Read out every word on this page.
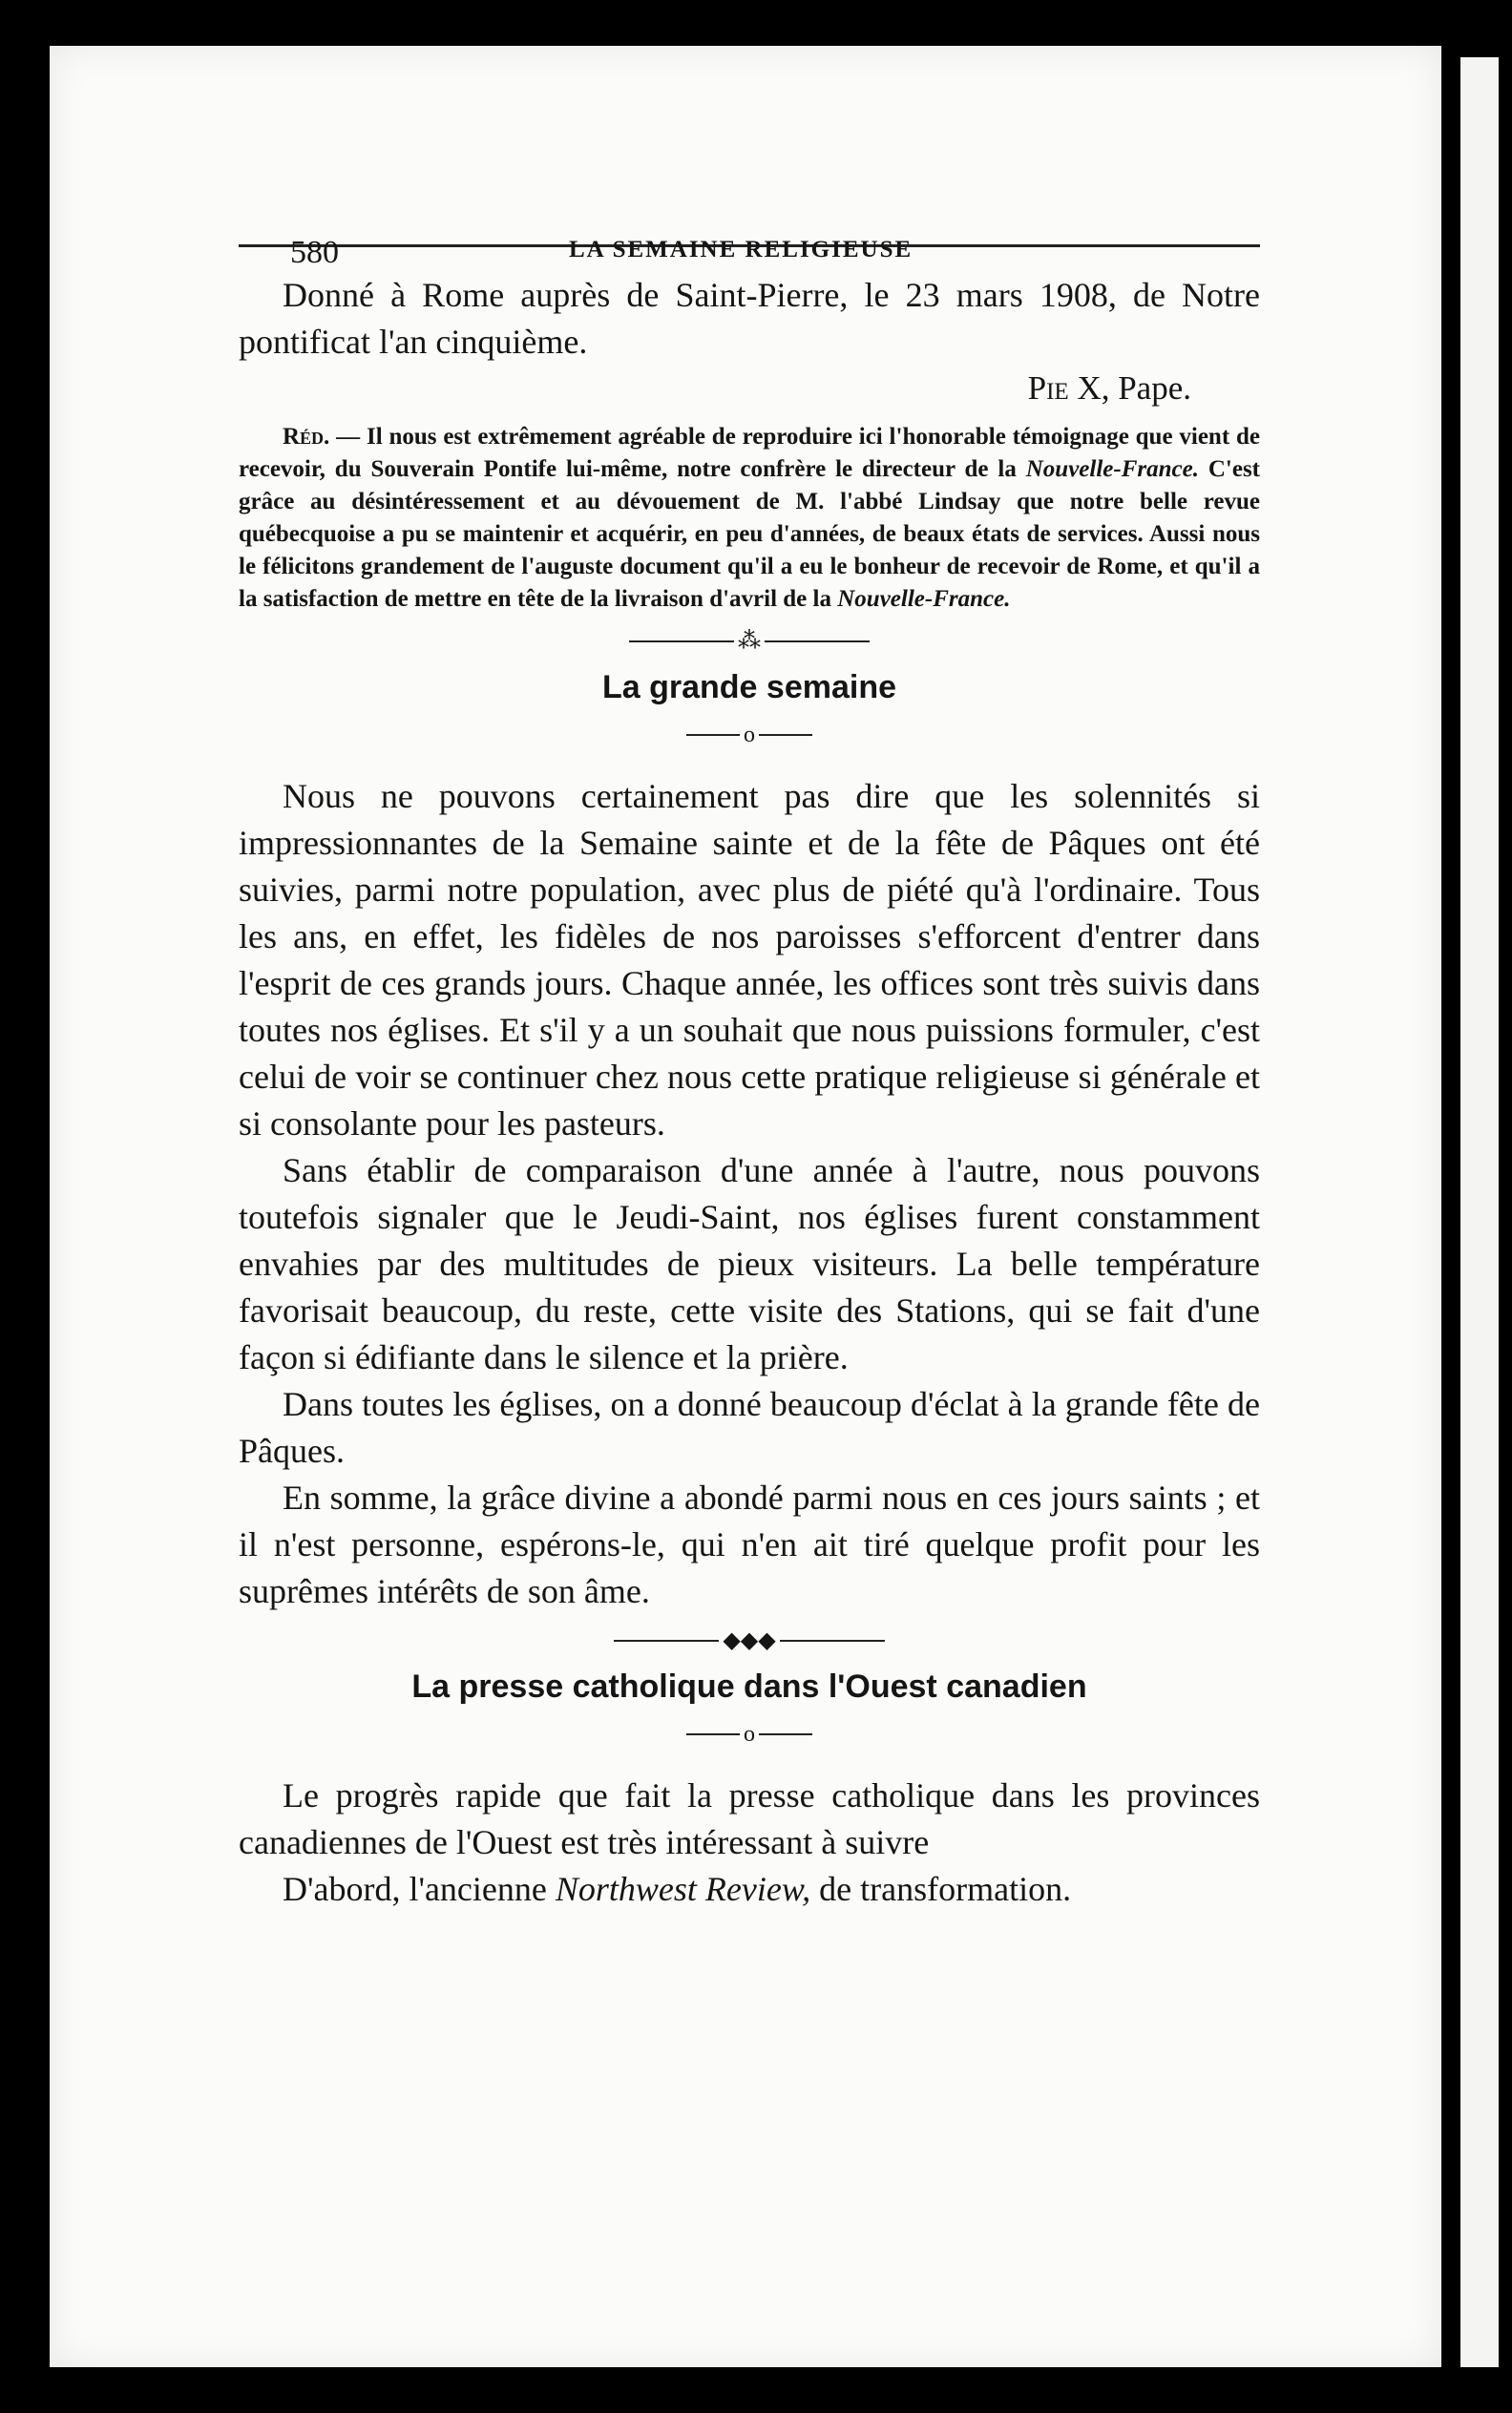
580	LA SEMAINE RELIGIEUSE

Donné à Rome auprès de Saint-Pierre, le 23 mars 1908, de Notre pontificat l'an cinquième.

Pie X, Pape.

Réd. — Il nous est extrêmement agréable de reproduire ici l'honorable témoignage que vient de recevoir, du Souverain Pontife lui-même, notre confrère le directeur de la Nouvelle-France. C'est grâce au désintéressement et au dévouement de M. l'abbé Lindsay que notre belle revue québecquoise a pu se maintenir et acquérir, en peu d'années, de beaux états de services. Aussi nous le félicitons grandement de l'auguste document qu'il a eu le bonheur de recevoir de Rome, et qu'il a la satisfaction de mettre en tête de la livraison d'avril de la Nouvelle-France.

⁂
La grande semaine
o

Nous ne pouvons certainement pas dire que les solennités si impressionnantes de la Semaine sainte et de la fête de Pâques ont été suivies, parmi notre population, avec plus de piété qu'à l'ordinaire. Tous les ans, en effet, les fidèles de nos paroisses s'efforcent d'entrer dans l'esprit de ces grands jours. Chaque année, les offices sont très suivis dans toutes nos églises. Et s'il y a un souhait que nous puissions formuler, c'est celui de voir se continuer chez nous cette pratique religieuse si générale et si consolante pour les pasteurs.

Sans établir de comparaison d'une année à l'autre, nous pouvons toutefois signaler que le Jeudi-Saint, nos églises furent constamment envahies par des multitudes de pieux visiteurs. La belle température favorisait beaucoup, du reste, cette visite des Stations, qui se fait d'une façon si édifiante dans le silence et la prière.

Dans toutes les églises, on a donné beaucoup d'éclat à la grande fête de Pâques.

En somme, la grâce divine a abondé parmi nous en ces jours saints ; et il n'est personne, espérons-le, qui n'en ait tiré quelque profit pour les suprêmes intérêts de son âme.

◆◆◆
La presse catholique dans l'Ouest canadien
o

Le progrès rapide que fait la presse catholique dans les provinces canadiennes de l'Ouest est très intéressant à suivre

D'abord, l'ancienne Northwest Review, de transformation.
